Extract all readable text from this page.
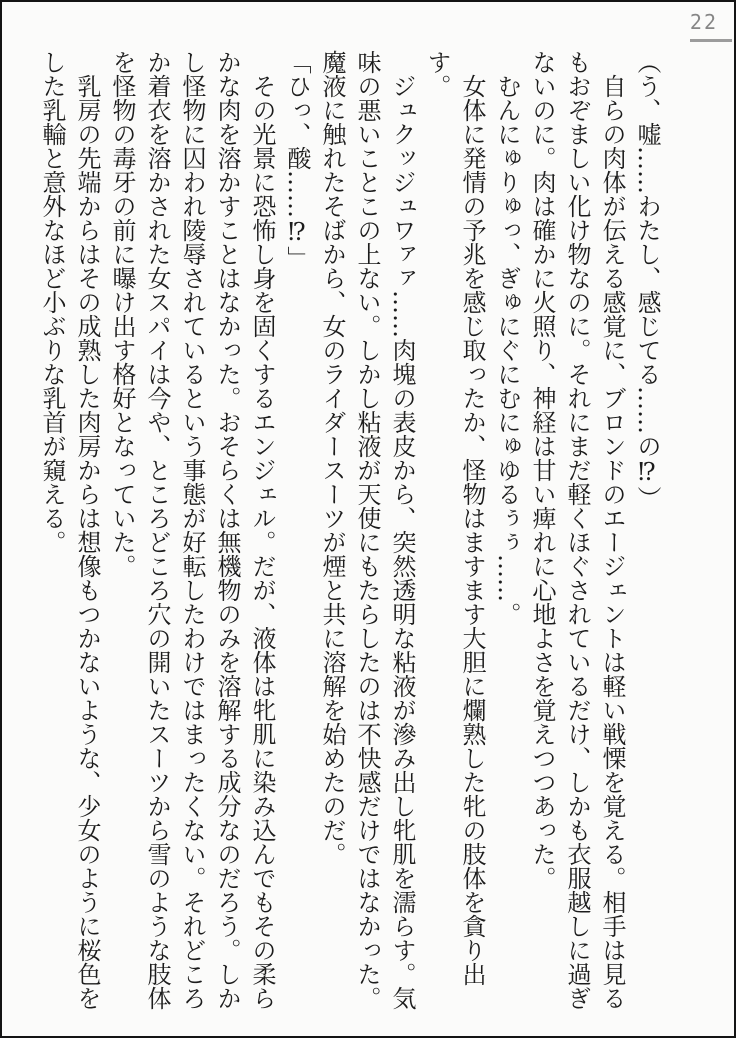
22

（う、嘘……わたし、感じてる……の⁉）

自らの肉体が伝える感覚に、ブロンドのエージェントは軽い戦慄を覚える。相手は見るもおぞましい化け物なのに。それにまだ軽くほぐされているだけ、しかも衣服越しに過ぎないのに。肉は確かに火照り、神経は甘い痺れに心地よさを覚えつつあった。

むんにゅりゅっ、ぎゅにぐにむにゅゆるぅぅ……。

女体に発情の予兆を感じ取ったか、怪物はますます大胆に爛熟した牝の肢体を貪り出す。

ジュクッジュワァァ……肉塊の表皮から、突然透明な粘液が滲み出し牝肌を濡らす。気味の悪いことこの上ない。しかし粘液が天使にもたらしたのは不快感だけではなかった。魔液に触れたそばから、女のライダースーツが煙と共に溶解を始めたのだ。

「ひっ、酸……⁉」

その光景に恐怖し身を固くするエンジェル。だが、液体は牝肌に染み込んでもその柔らかな肉を溶かすことはなかった。おそらくは無機物のみを溶解する成分なのだろう。しかし怪物に囚われ陵辱されているという事態が好転したわけではまったくない。それどころか着衣を溶かされた女スパイは今や、ところどころ穴の開いたスーツから雪のような肢体を怪物の毒牙の前に曝け出す格好となっていた。

乳房の先端からはその成熟した肉房からは想像もつかないような、少女のように桜色をした乳輪と意外なほど小ぶりな乳首が窺える。
